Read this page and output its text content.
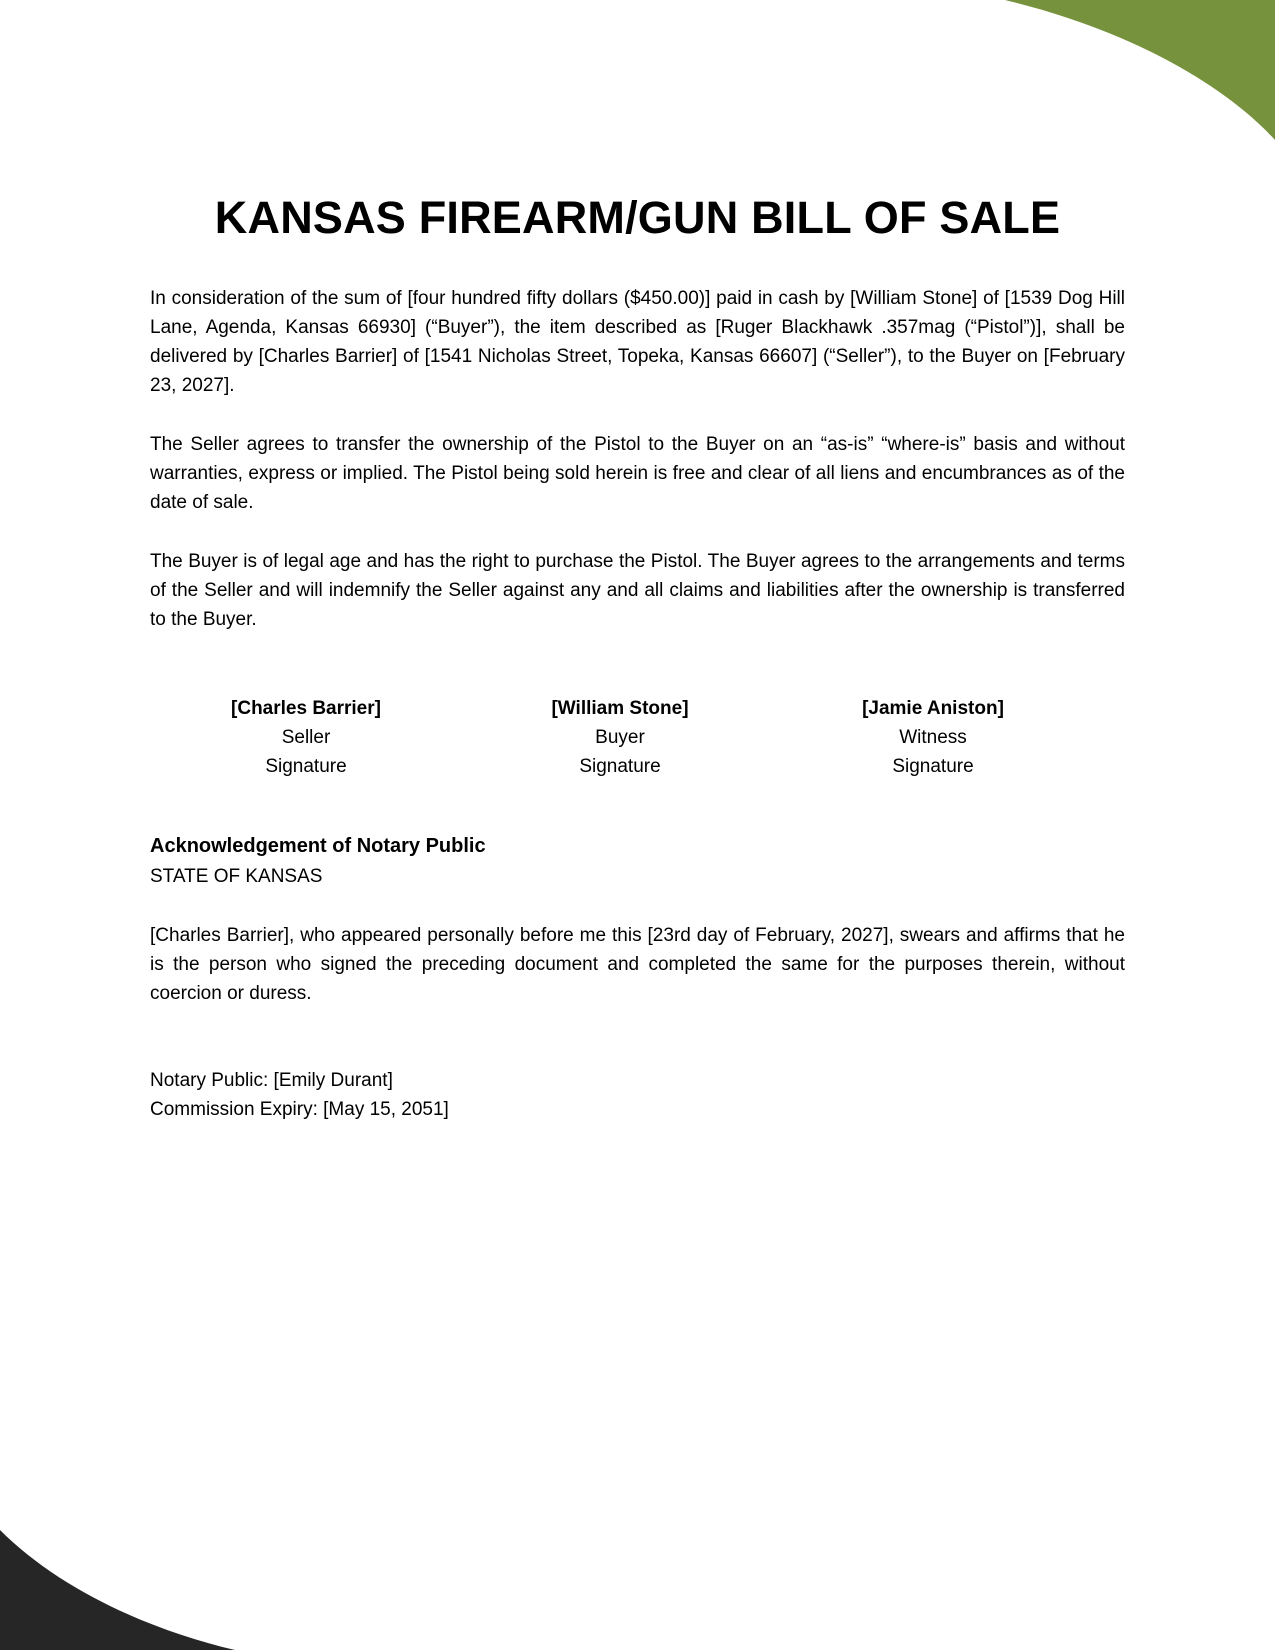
KANSAS FIREARM/GUN BILL OF SALE

In consideration of the sum of [four hundred fifty dollars ($450.00)] paid in cash by [William Stone] of [1539 Dog Hill Lane, Agenda, Kansas 66930] (“Buyer”), the item described as [Ruger Blackhawk .357mag (“Pistol”)], shall be delivered by [Charles Barrier] of [1541 Nicholas Street, Topeka, Kansas 66607] (“Seller”), to the Buyer on [February 23, 2027].

The Seller agrees to transfer the ownership of the Pistol to the Buyer on an “as-is” “where-is” basis and without warranties, express or implied. The Pistol being sold herein is free and clear of all liens and encumbrances as of the date of sale.

The Buyer is of legal age and has the right to purchase the Pistol. The Buyer agrees to the arrangements and terms of the Seller and will indemnify the Seller against any and all claims and liabilities after the ownership is transferred to the Buyer.

[Charles Barrier]
Seller
Signature
[William Stone]
Buyer
Signature
[Jamie Aniston]
Witness
Signature
Acknowledgement of Notary Public
STATE OF KANSAS

[Charles Barrier], who appeared personally before me this [23rd day of February, 2027], swears and affirms that he is the person who signed the preceding document and completed the same for the purposes therein, without coercion or duress.

Notary Public: [Emily Durant]
Commission Expiry: [May 15, 2051]
